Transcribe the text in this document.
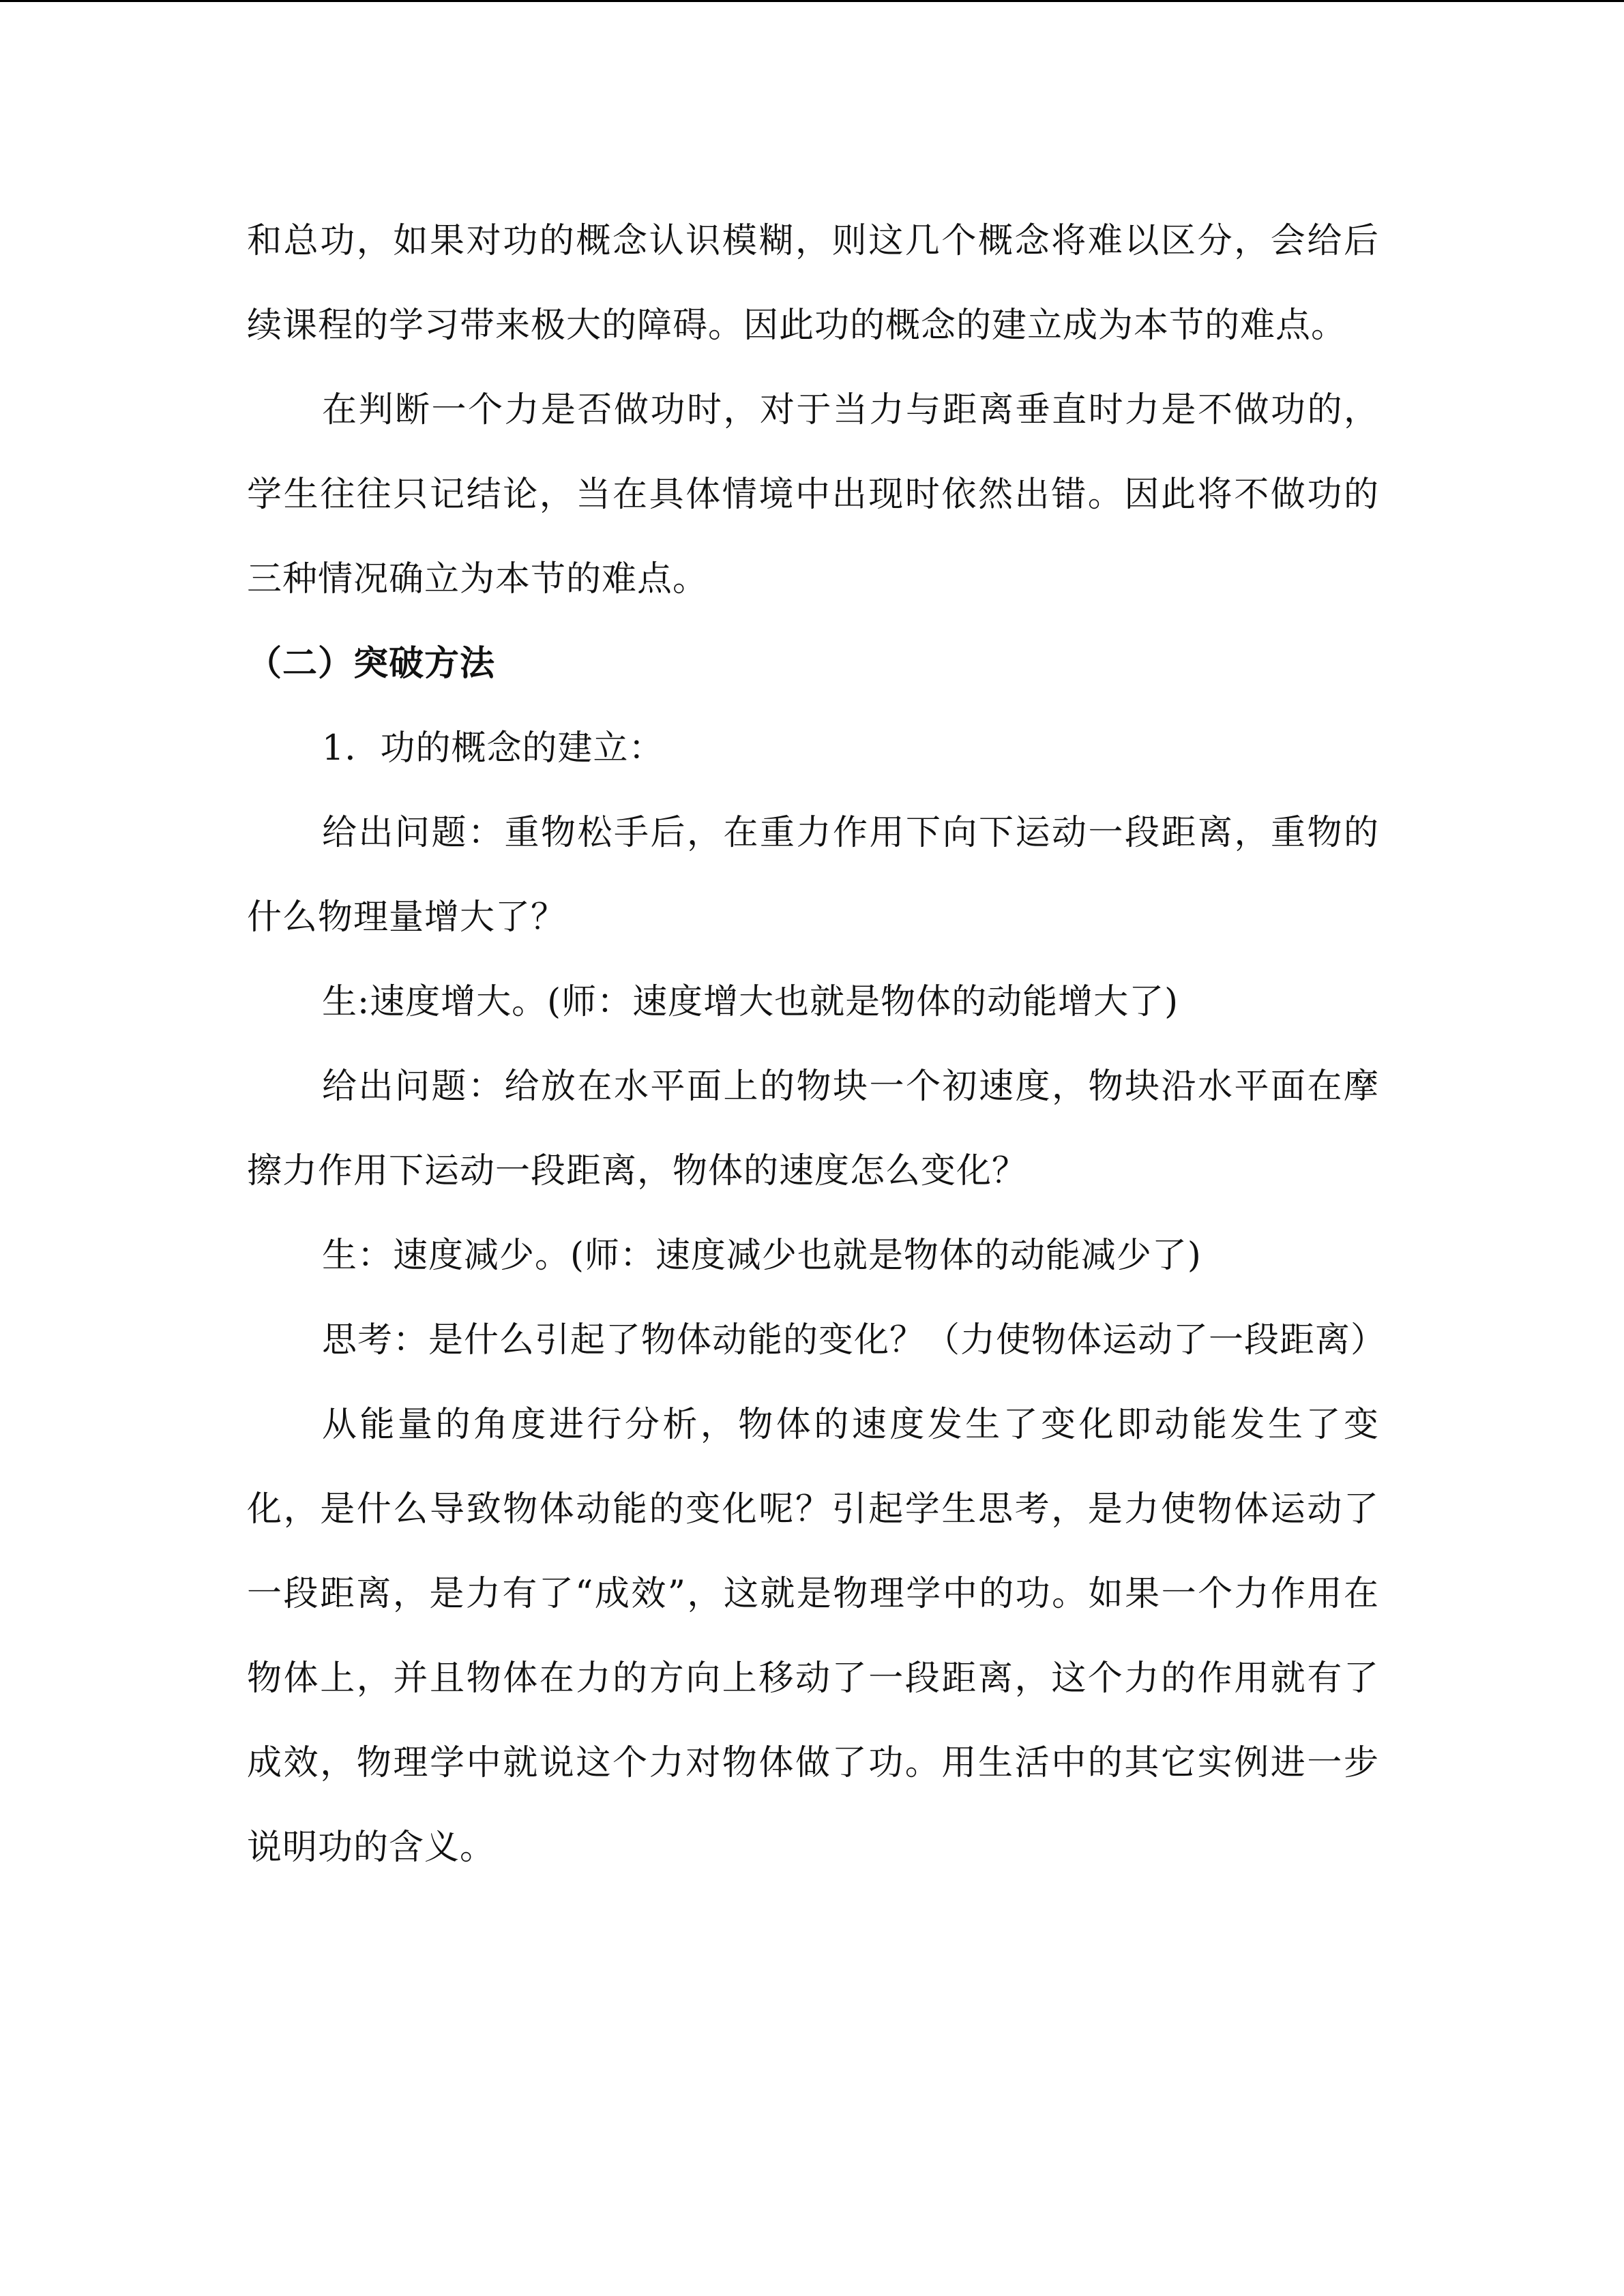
和总功，如果对功的概念认识模糊，则这几个概念将难以区分，会给后续课程的学习带来极大的障碍。因此功的概念的建立成为本节的难点。

在判断一个力是否做功时，对于当力与距离垂直时力是不做功的，学生往往只记结论，当在具体情境中出现时依然出错。因此将不做功的三种情况确立为本节的难点。

（二）突破方法

1．功的概念的建立：

给出问题：重物松手后，在重力作用下向下运动一段距离，重物的什么物理量增大了？

生:速度增大。(师：速度增大也就是物体的动能增大了)

给出问题：给放在水平面上的物块一个初速度，物块沿水平面在摩擦力作用下运动一段距离，物体的速度怎么变化？

生：速度减少。(师：速度减少也就是物体的动能减少了)

思考：是什么引起了物体动能的变化？（力使物体运动了一段距离）

从能量的角度进行分析，物体的速度发生了变化即动能发生了变化，是什么导致物体动能的变化呢？引起学生思考，是力使物体运动了一段距离，是力有了“成效”，这就是物理学中的功。如果一个力作用在物体上，并且物体在力的方向上移动了一段距离，这个力的作用就有了成效，物理学中就说这个力对物体做了功。用生活中的其它实例进一步说明功的含义。
